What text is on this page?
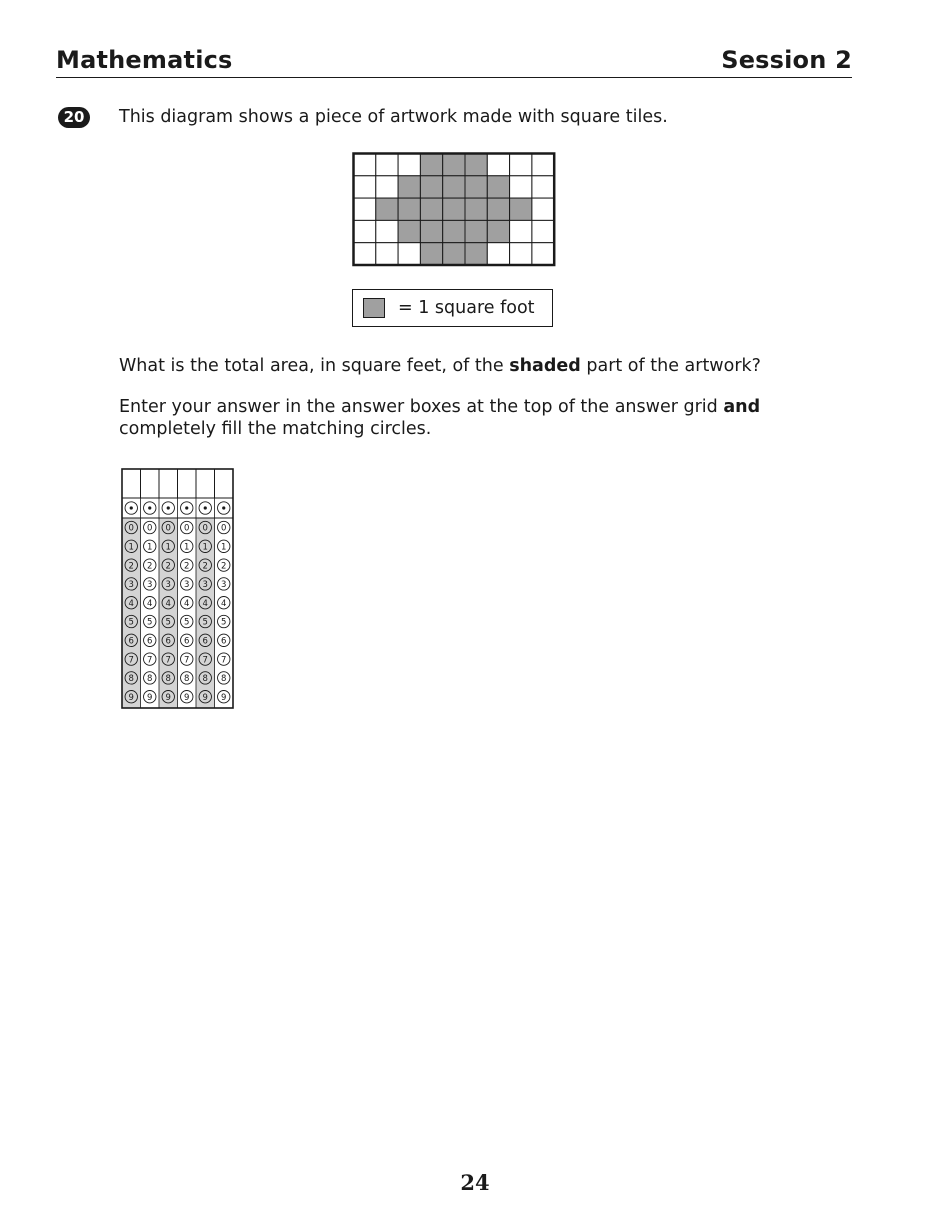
Mathematics	Session 2
20	This diagram shows a piece of artwork made with square tiles.

= 1 square foot

What is the total area, in square feet, of the shaded part of the artwork?

Enter your answer in the answer boxes at the top of the answer grid and completely fill the matching circles.

0
1
2
3
4
5
6
7
8
9
0
1
2
3
4
5
6
7
8
9
0
1
2
3
4
5
6
7
8
9
0
1
2
3
4
5
6
7
8
9
0
1
2
3
4
5
6
7
8
9
0
1
2
3
4
5
6
7
8
9
24
